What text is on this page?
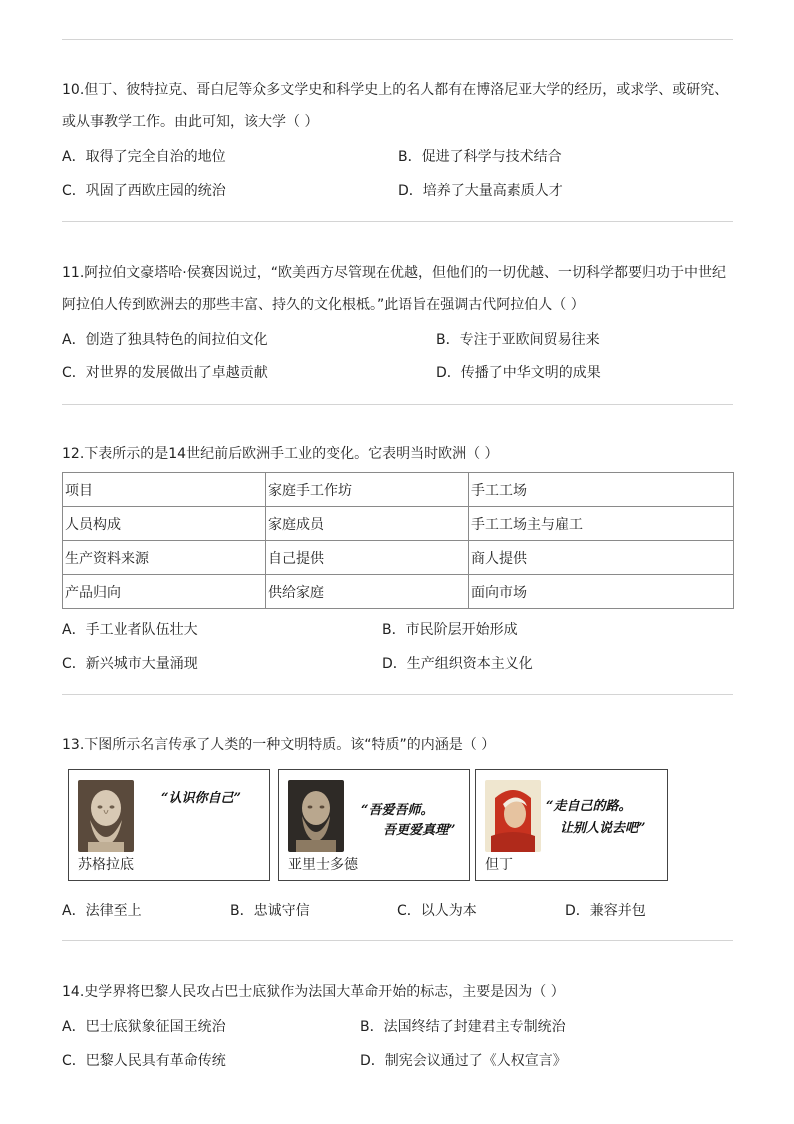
10.但丁、彼特拉克、哥白尼等众多文学史和科学史上的名人都有在博洛尼亚大学的经历，或求学、或研究、
或从事教学工作。由此可知，该大学（ ）
A．取得了完全自治的地位	B．促进了科学与技术结合
C．巩固了西欧庄园的统治	D．培养了大量高素质人才
11.阿拉伯文豪塔哈·侯赛因说过，“欧美西方尽管现在优越，但他们的一切优越、一切科学都要归功于中世纪
阿拉伯人传到欧洲去的那些丰富、持久的文化根柢。”此语旨在强调古代阿拉伯人（ ）
A．创造了独具特色的间拉伯文化	B．专注于亚欧间贸易往来
C．对世界的发展做出了卓越贡献	D．传播了中华文明的成果
12.下表所示的是14世纪前后欧洲手工业的变化。它表明当时欧洲（ ）
项目	家庭手工作坊	手工工场
人员构成	家庭成员	手工工场主与雇工
生产资料来源	自己提供	商人提供
产品归向	供给家庭	面向市场
A．手工业者队伍壮大	B．市民阶层开始形成
C．新兴城市大量涌现	D．生产组织资本主义化
13.下图所示名言传承了人类的一种文明特质。该“特质”的内涵是（ ）
“认识你自己”
苏格拉底
“吾爱吾师。
吾更爱真理”
亚里士多德
“走自己的路。
让别人说去吧”
但丁
A．法律至上	B．忠诚守信	C．以人为本	D．兼容并包
14.史学界将巴黎人民攻占巴士底狱作为法国大革命开始的标志，主要是因为（ ）
A．巴士底狱象征国王统治	B．法国终结了封建君主专制统治
C．巴黎人民具有革命传统	D．制宪会议通过了《人权宣言》
